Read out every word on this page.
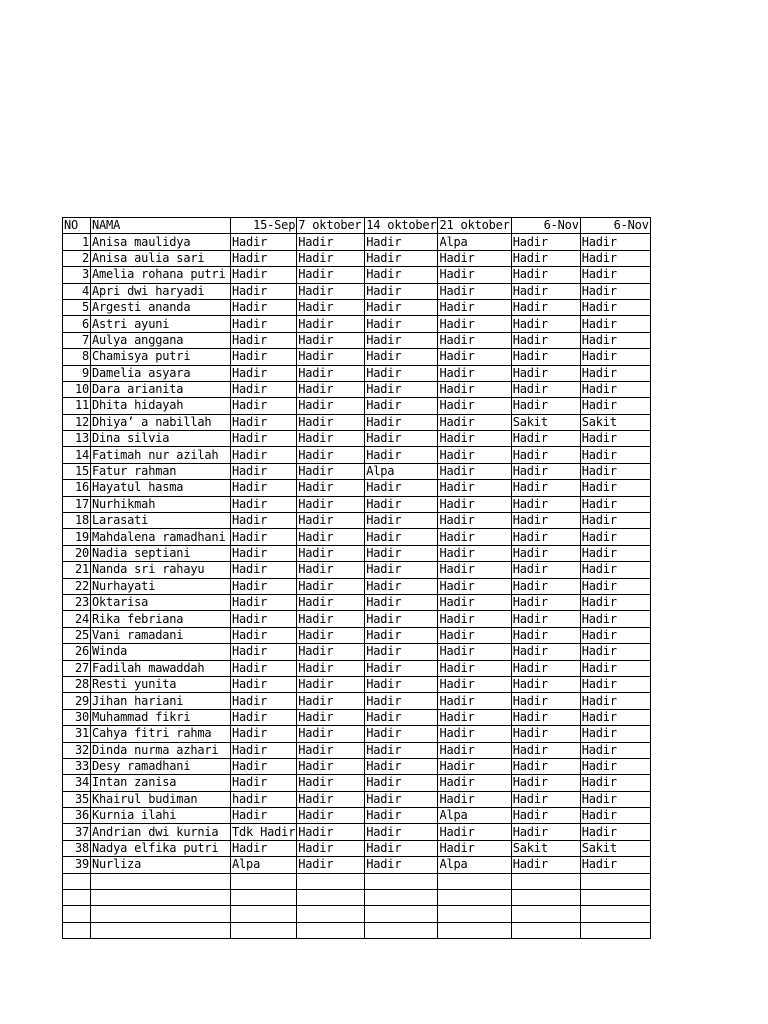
NO	NAMA	15-Sep	7 oktober	14 oktober	21 oktober	6-Nov	6-Nov
1	Anisa maulidya	Hadir	Hadir	Hadir	Alpa	Hadir	Hadir
2	Anisa aulia sari	Hadir	Hadir	Hadir	Hadir	Hadir	Hadir
3	Amelia rohana putri	Hadir	Hadir	Hadir	Hadir	Hadir	Hadir
4	Apri dwi haryadi	Hadir	Hadir	Hadir	Hadir	Hadir	Hadir
5	Argesti ananda	Hadir	Hadir	Hadir	Hadir	Hadir	Hadir
6	Astri ayuni	Hadir	Hadir	Hadir	Hadir	Hadir	Hadir
7	Aulya anggana	Hadir	Hadir	Hadir	Hadir	Hadir	Hadir
8	Chamisya putri	Hadir	Hadir	Hadir	Hadir	Hadir	Hadir
9	Damelia asyara	Hadir	Hadir	Hadir	Hadir	Hadir	Hadir
10	Dara arianita	Hadir	Hadir	Hadir	Hadir	Hadir	Hadir
11	Dhita hidayah	Hadir	Hadir	Hadir	Hadir	Hadir	Hadir
12	Dhiya’ a nabillah	Hadir	Hadir	Hadir	Hadir	Sakit	Sakit
13	Dina silvia	Hadir	Hadir	Hadir	Hadir	Hadir	Hadir
14	Fatimah nur azilah	Hadir	Hadir	Hadir	Hadir	Hadir	Hadir
15	Fatur rahman	Hadir	Hadir	Alpa	Hadir	Hadir	Hadir
16	Hayatul hasma	Hadir	Hadir	Hadir	Hadir	Hadir	Hadir
17	Nurhikmah	Hadir	Hadir	Hadir	Hadir	Hadir	Hadir
18	Larasati	Hadir	Hadir	Hadir	Hadir	Hadir	Hadir
19	Mahdalena ramadhani	Hadir	Hadir	Hadir	Hadir	Hadir	Hadir
20	Nadia septiani	Hadir	Hadir	Hadir	Hadir	Hadir	Hadir
21	Nanda sri rahayu	Hadir	Hadir	Hadir	Hadir	Hadir	Hadir
22	Nurhayati	Hadir	Hadir	Hadir	Hadir	Hadir	Hadir
23	Oktarisa	Hadir	Hadir	Hadir	Hadir	Hadir	Hadir
24	Rika febriana	Hadir	Hadir	Hadir	Hadir	Hadir	Hadir
25	Vani ramadani	Hadir	Hadir	Hadir	Hadir	Hadir	Hadir
26	Winda	Hadir	Hadir	Hadir	Hadir	Hadir	Hadir
27	Fadilah mawaddah	Hadir	Hadir	Hadir	Hadir	Hadir	Hadir
28	Resti yunita	Hadir	Hadir	Hadir	Hadir	Hadir	Hadir
29	Jihan hariani	Hadir	Hadir	Hadir	Hadir	Hadir	Hadir
30	Muhammad fikri	Hadir	Hadir	Hadir	Hadir	Hadir	Hadir
31	Cahya fitri rahma	Hadir	Hadir	Hadir	Hadir	Hadir	Hadir
32	Dinda nurma azhari	Hadir	Hadir	Hadir	Hadir	Hadir	Hadir
33	Desy ramadhani	Hadir	Hadir	Hadir	Hadir	Hadir	Hadir
34	Intan zanisa	Hadir	Hadir	Hadir	Hadir	Hadir	Hadir
35	Khairul budiman	hadir	Hadir	Hadir	Hadir	Hadir	Hadir
36	Kurnia ilahi	Hadir	Hadir	Hadir	Alpa	Hadir	Hadir
37	Andrian dwi kurnia	Tdk Hadir	Hadir	Hadir	Hadir	Hadir	Hadir
38	Nadya elfika putri	Hadir	Hadir	Hadir	Hadir	Sakit	Sakit
39	Nurliza	Alpa	Hadir	Hadir	Alpa	Hadir	Hadir
